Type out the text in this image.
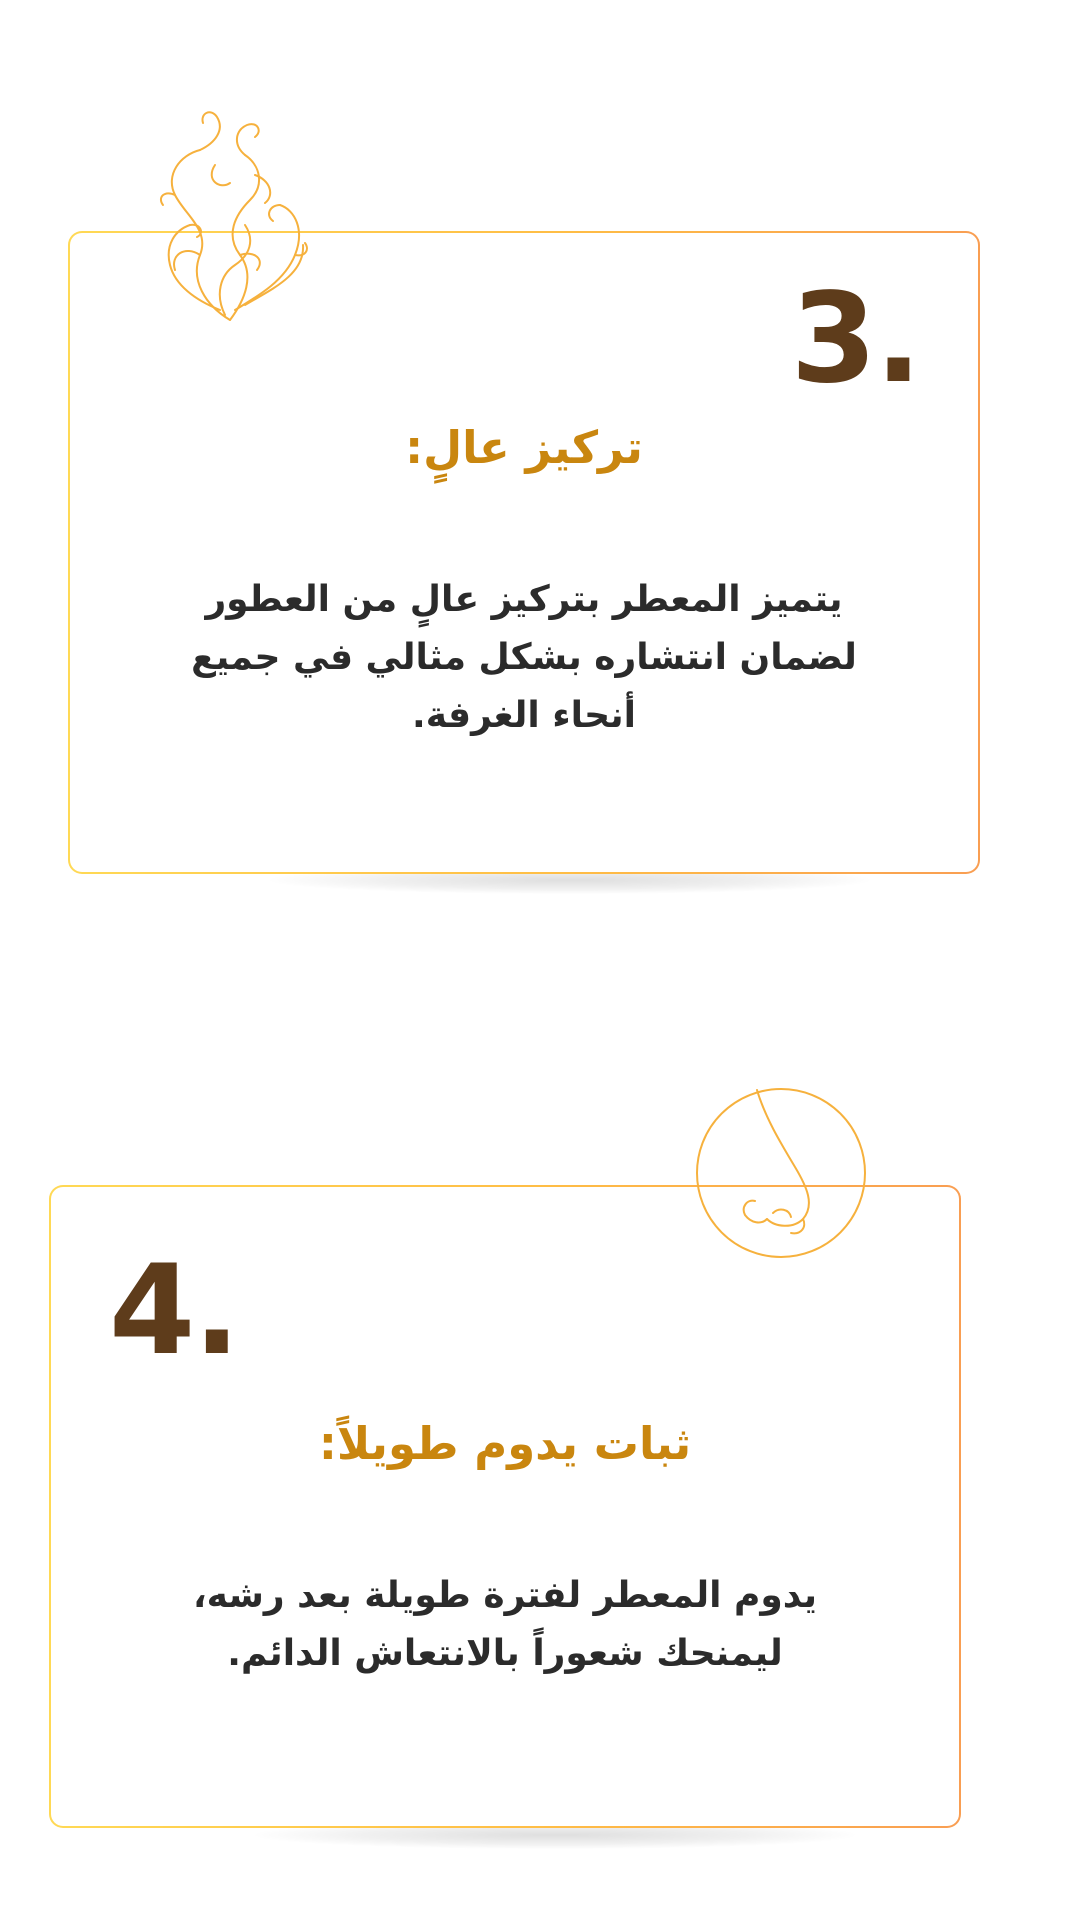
3.
تركيز عالٍ:
يتميز المعطر بتركيز عالٍ من العطور
لضمان انتشاره بشكل مثالي في جميع
أنحاء الغرفة.
4.
ثبات يدوم طويلاً:
يدوم المعطر لفترة طويلة بعد رشه،
ليمنحك شعوراً بالانتعاش الدائم.
